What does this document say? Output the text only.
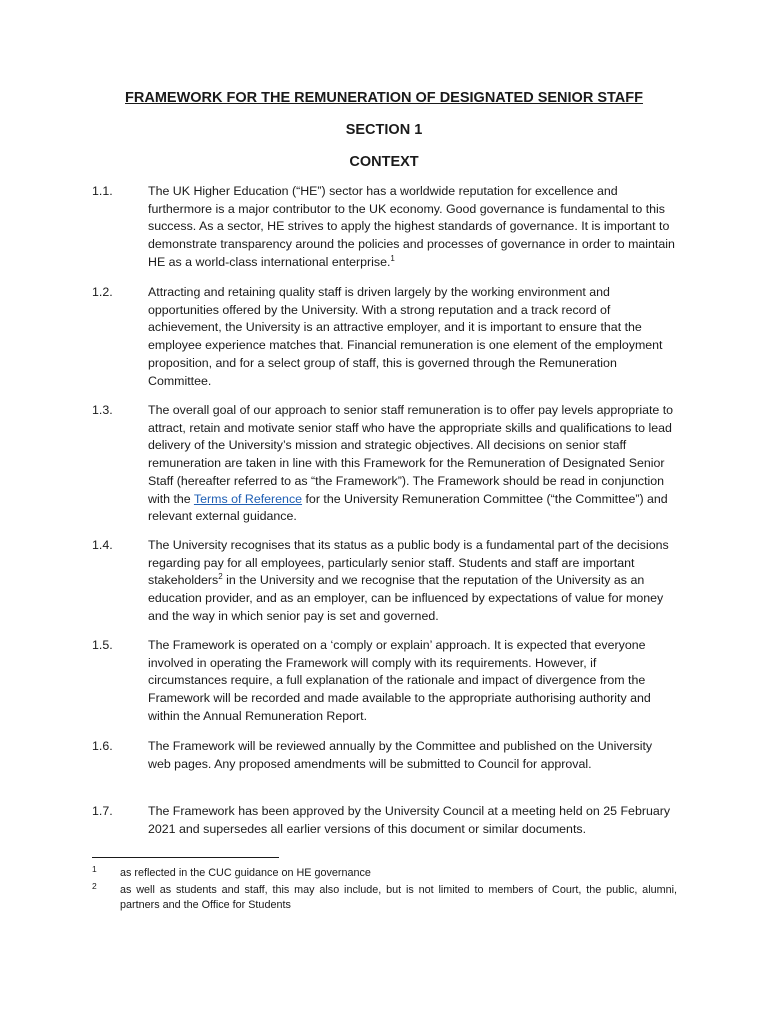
FRAMEWORK FOR THE REMUNERATION OF DESIGNATED SENIOR STAFF
SECTION 1
CONTEXT
1.1.	The UK Higher Education (“HE”) sector has a worldwide reputation for excellence and furthermore is a major contributor to the UK economy. Good governance is fundamental to this success. As a sector, HE strives to apply the highest standards of governance. It is important to demonstrate transparency around the policies and processes of governance in order to maintain HE as a world-class international enterprise.$^1$
1.2.	Attracting and retaining quality staff is driven largely by the working environment and opportunities offered by the University. With a strong reputation and a track record of achievement, the University is an attractive employer, and it is important to ensure that the employee experience matches that. Financial remuneration is one element of the employment proposition, and for a select group of staff, this is governed through the Remuneration Committee.
1.3.	The overall goal of our approach to senior staff remuneration is to offer pay levels appropriate to attract, retain and motivate senior staff who have the appropriate skills and qualifications to lead delivery of the University’s mission and strategic objectives. All decisions on senior staff remuneration are taken in line with this Framework for the Remuneration of Designated Senior Staff (hereafter referred to as “the Framework”). The Framework should be read in conjunction with the Terms of Reference for the University Remuneration Committee (“the Committee”) and relevant external guidance.
1.4.	The University recognises that its status as a public body is a fundamental part of the decisions regarding pay for all employees, particularly senior staff. Students and staff are important stakeholders$^2$ in the University and we recognise that the reputation of the University as an education provider, and as an employer, can be influenced by expectations of value for money and the way in which senior pay is set and governed.
1.5.	The Framework is operated on a ‘comply or explain’ approach. It is expected that everyone involved in operating the Framework will comply with its requirements. However, if circumstances require, a full explanation of the rationale and impact of divergence from the Framework will be recorded and made available to the appropriate authorising authority and within the Annual Remuneration Report.
1.6.	The Framework will be reviewed annually by the Committee and published on the University web pages. Any proposed amendments will be submitted to Council for approval.
1.7.	The Framework has been approved by the University Council at a meeting held on 25 February 2021 and supersedes all earlier versions of this document or similar documents.
1 as reflected in the CUC guidance on HE governance
2 as well as students and staff, this may also include, but is not limited to members of Court, the public, alumni, partners and the Office for Students
